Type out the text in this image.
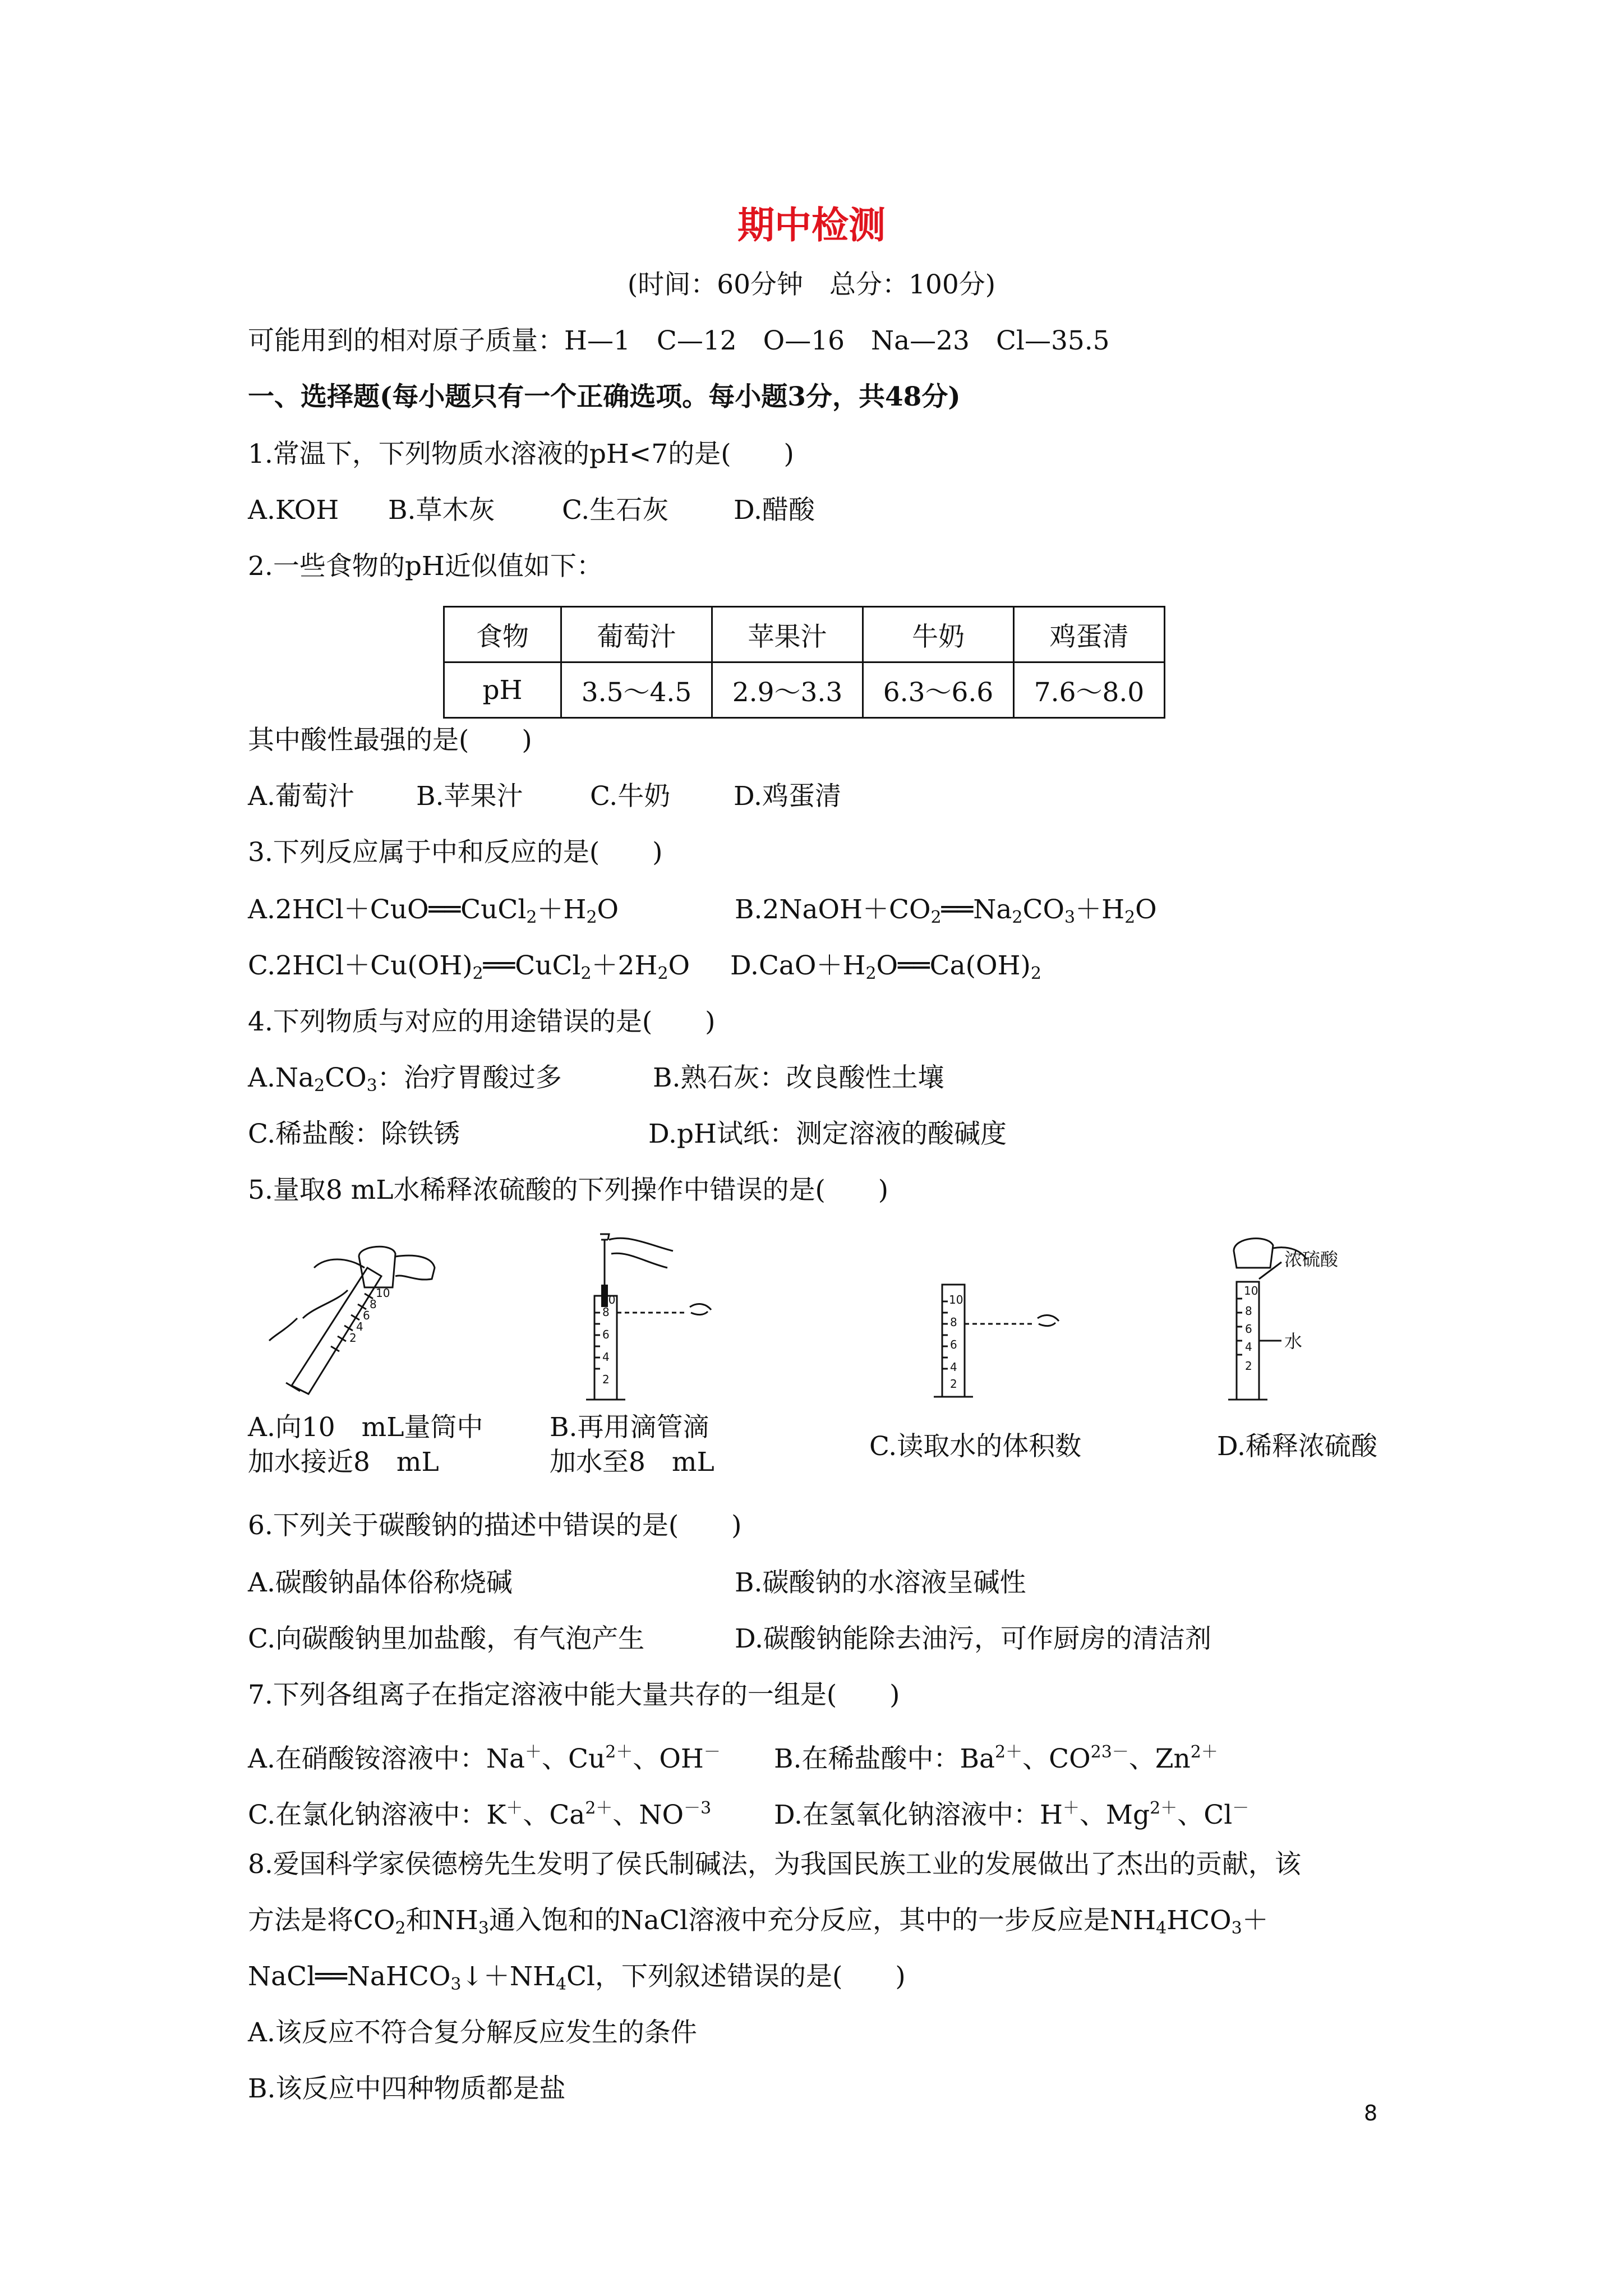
期中检测
(时间：60分钟　总分：100分)
可能用到的相对原子质量：H—1　C—12　O—16　Na—23　Cl—35.5
一、选择题(每小题只有一个正确选项。每小题3分，共48分)
1.常温下，下列物质水溶液的pH<7的是(　　)
A.KOH B.草木灰	C.生石灰 D.醋酸
2.一些食物的pH近似值如下：
食物	葡萄汁	苹果汁	牛奶	鸡蛋清
pH	3.5～4.5	2.9～3.3	6.3～6.6	7.6～8.0
其中酸性最强的是(　　)
A.葡萄汁 B.苹果汁	C.牛奶 D.鸡蛋清
3.下列反应属于中和反应的是(　　)
$A.2HCl+CuO══CuCl_2+H_2O$	$B.2NaOH+CO_2══Na_2CO_3+H_2O$
$C.2HCl+Cu(OH)_2══CuCl_2+2H_2O$ $D.CaO+H_2O══Ca(OH)_2$
4.下列物质与对应的用途错误的是(　　)
$A.Na_2CO_3$：治疗胃酸过多	B.熟石灰：改良酸性土壤
C.稀盐酸：除铁锈	D.pH试纸：测定溶液的酸碱度
5.量取8 mL水稀释浓硫酸的下列操作中错误的是(　　)
10
8
6
4
2
10
8
6
4
2
10
8
6
4
2
10
8
6
4
2
浓硫酸
水
A.向10　mL量筒中
加水接近8　mL
B.再用滴管滴
加水至8　mL
C.读取水的体积数	D.稀释浓硫酸
6.下列关于碳酸钠的描述中错误的是(　　)
A.碳酸钠晶体俗称烧碱	B.碳酸钠的水溶液呈碱性
C.向碳酸钠里加盐酸，有气泡产生	D.碳酸钠能除去油污，可作厨房的清洁剂
7.下列各组离子在指定溶液中能大量共存的一组是(　　)
A.在硝酸铵溶液中：Na＋、$Cu^{2+}$、OH－ B.在稀盐酸中：$Ba^{2+}$、$CO^{23-}$、$Zn^{2+}$
C.在氯化钠溶液中：K＋、$Ca^{2+}$、$NO^{-3}$ D.在氢氧化钠溶液中：H＋、$Mg^{2+}$、Cl－
8.爱国科学家侯德榜先生发明了侯氏制碱法，为我国民族工业的发展做出了杰出的贡献，该
方法是将$CO_2$和$NH_3$通入饱和的NaCl溶液中充分反应，其中的一步反应是$NH_4HCO_3+$
$NaCl══NaHCO_3↓+NH_4Cl$，下列叙述错误的是(　　)
A.该反应不符合复分解反应发生的条件
B.该反应中四种物质都是盐
8
